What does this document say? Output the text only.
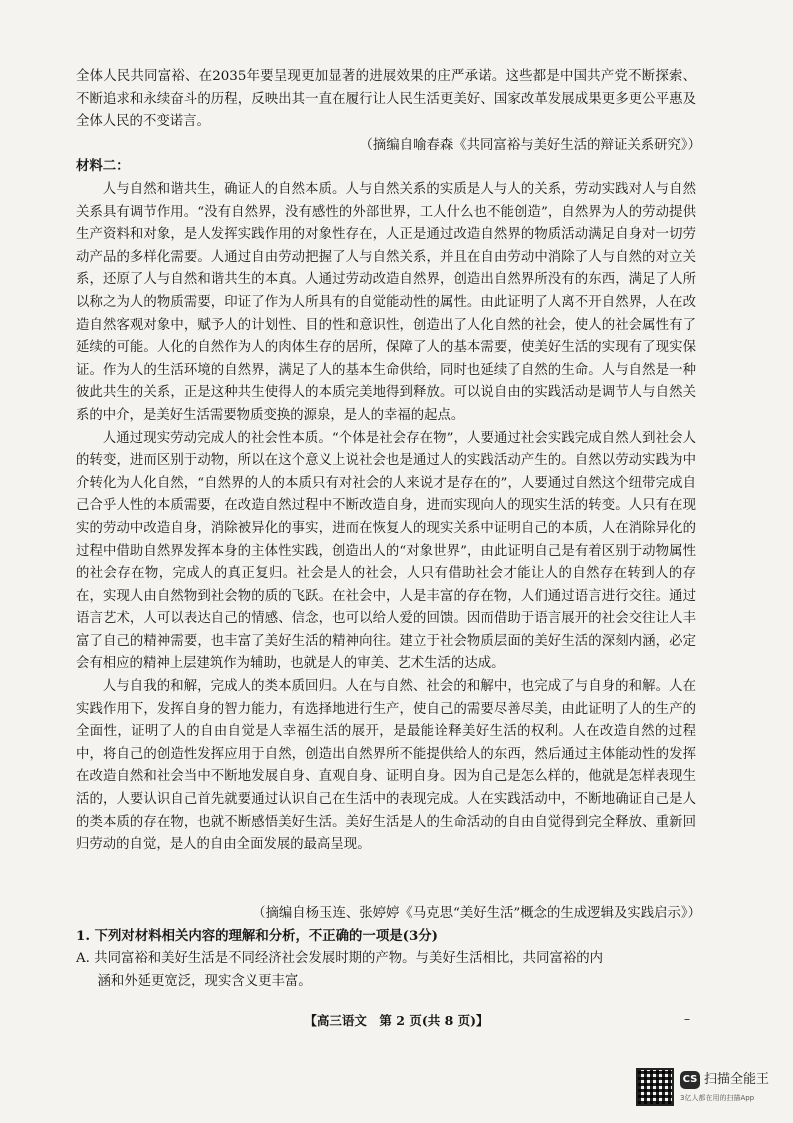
全体人民共同富裕、在2035年要呈现更加显著的进展效果的庄严承诺。这些都是中国共产党不断探索、不断追求和永续奋斗的历程，反映出其一直在履行让人民生活更美好、国家改革发展成果更多更公平惠及全体人民的不变诺言。
（摘编自喻春森《共同富裕与美好生活的辩证关系研究》）
材料二：
人与自然和谐共生，确证人的自然本质。人与自然关系的实质是人与人的关系，劳动实践对人与自然关系具有调节作用。“没有自然界，没有感性的外部世界，工人什么也不能创造”，自然界为人的劳动提供生产资料和对象，是人发挥实践作用的对象性存在，人正是通过改造自然界的物质活动满足自身对一切劳动产品的多样化需要。人通过自由劳动把握了人与自然关系，并且在自由劳动中消除了人与自然的对立关系，还原了人与自然和谐共生的本真。人通过劳动改造自然界，创造出自然界所没有的东西，满足了人所以称之为人的物质需要，印证了作为人所具有的自觉能动性的属性。由此证明了人离不开自然界，人在改造自然客观对象中，赋予人的计划性、目的性和意识性，创造出了人化自然的社会，使人的社会属性有了延续的可能。人化的自然作为人的肉体生存的居所，保障了人的基本需要，使美好生活的实现有了现实保证。作为人的生活环境的自然界，满足了人的基本生命供给，同时也延续了自然的生命。人与自然是一种彼此共生的关系，正是这种共生使得人的本质完美地得到释放。可以说自由的实践活动是调节人与自然关系的中介，是美好生活需要物质变换的源泉，是人的幸福的起点。
人通过现实劳动完成人的社会性本质。“个体是社会存在物”，人要通过社会实践完成自然人到社会人的转变，进而区别于动物，所以在这个意义上说社会也是通过人的实践活动产生的。自然以劳动实践为中介转化为人化自然，“自然界的人的本质只有对社会的人来说才是存在的”，人要通过自然这个纽带完成自己合乎人性的本质需要，在改造自然过程中不断改造自身，进而实现向人的现实生活的转变。人只有在现实的劳动中改造自身，消除被异化的事实，进而在恢复人的现实关系中证明自己的本质，人在消除异化的过程中借助自然界发挥本身的主体性实践，创造出人的“对象世界”，由此证明自己是有着区别于动物属性的社会存在物，完成人的真正复归。社会是人的社会，人只有借助社会才能让人的自然存在转到人的存在，实现人由自然物到社会物的质的飞跃。在社会中，人是丰富的存在物，人们通过语言进行交往。通过语言艺术，人可以表达自己的情感、信念，也可以给人爱的回馈。因而借助于语言展开的社会交往让人丰富了自己的精神需要，也丰富了美好生活的精神向往。建立于社会物质层面的美好生活的深刻内涵，必定会有相应的精神上层建筑作为辅助，也就是人的审美、艺术生活的达成。
人与自我的和解，完成人的类本质回归。人在与自然、社会的和解中，也完成了与自身的和解。人在实践作用下，发挥自身的智力能力，有选择地进行生产，使自己的需要尽善尽美，由此证明了人的生产的全面性，证明了人的自由自觉是人幸福生活的展开，是最能诠释美好生活的权利。人在改造自然的过程中，将自己的创造性发挥应用于自然，创造出自然界所不能提供给人的东西，然后通过主体能动性的发挥在改造自然和社会当中不断地发展自身、直观自身、证明自身。因为自己是怎么样的，他就是怎样表现生活的，人要认识自己首先就要通过认识自己在生活中的表现完成。人在实践活动中，不断地确证自己是人的类本质的存在物，也就不断感悟美好生活。美好生活是人的生命活动的自由自觉得到完全释放、重新回归劳动的自觉，是人的自由全面发展的最高呈现。
（摘编自杨玉连、张婷婷《马克思“美好生活”概念的生成逻辑及实践启示》）
1. 下列对材料相关内容的理解和分析，不正确的一项是(3分)
A. 共同富裕和美好生活是不同经济社会发展时期的产物。与美好生活相比，共同富裕的内
涵和外延更宽泛，现实含义更丰富。
【高三语文　第 2 页(共 8 页)】	–
CS 扫描全能王
3亿人都在用的扫描App
